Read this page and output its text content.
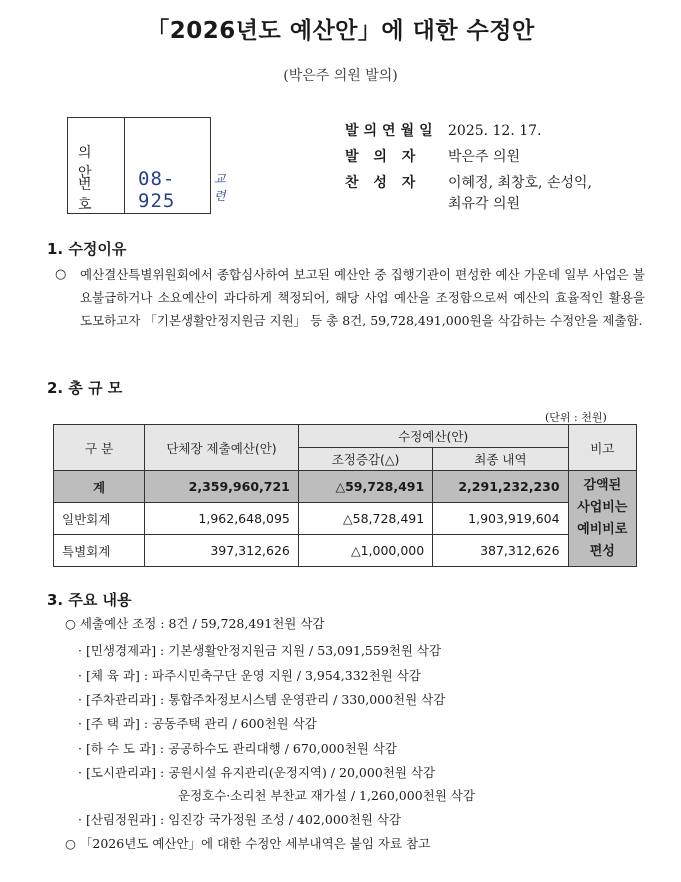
「2026년도 예산안」에 대한 수정안
(박은주 의원 발의)
의 안
번 호
08-925
교련
발의연월일 2025. 12. 17.
발 의 자 박은주 의원
찬 성 자 이혜정, 최창호, 손성익,
최유각 의원
1. 수정이유
○ 예산결산특별위원회에서 종합심사하여 보고된 예산안 중 집행기관이 편성한 예산 가운데 일부 사업은 불요불급하거나 소요예산이 과다하게 책정되어, 해당 사업 예산을 조정함으로써 예산의 효율적인 활용을 도모하고자 「기본생활안정지원금 지원」 등 총 8건, 59,728,491,000원을 삭감하는 수정안을 제출함.
2. 총 규 모
(단위 : 천원)
구 분	단체장 제출예산(안)	수정예산(안)		비고
		조정증감(△)	최종 내역	
계	2,359,960,721	△59,728,491	2,291,232,230	감액된
사업비는
예비비로
편성

일반회계	1,962,648,095	△58,728,491	1,903,919,604	
특별회계	397,312,626	△1,000,000	387,312,626	
3. 주요 내용
○ 세출예산 조정 : 8건 / 59,728,491천원 삭감
· [민생경제과] : 기본생활안정지원금 지원 / 53,091,559천원 삭감
· [체 육 과] : 파주시민축구단 운영 지원 / 3,954,332천원 삭감
· [주차관리과] : 통합주차정보시스템 운영관리 / 330,000천원 삭감
· [주 택 과] : 공동주택 관리 / 600천원 삭감
· [하 수 도 과] : 공공하수도 관리대행 / 670,000천원 삭감
· [도시관리과] : 공원시설 유지관리(운정지역) / 20,000천원 삭감
운정호수·소리천 부찬교 재가설 / 1,260,000천원 삭감
· [산림정원과] : 임진강 국가정원 조성 / 402,000천원 삭감
○ 「2026년도 예산안」에 대한 수정안 세부내역은 붙임 자료 참고
